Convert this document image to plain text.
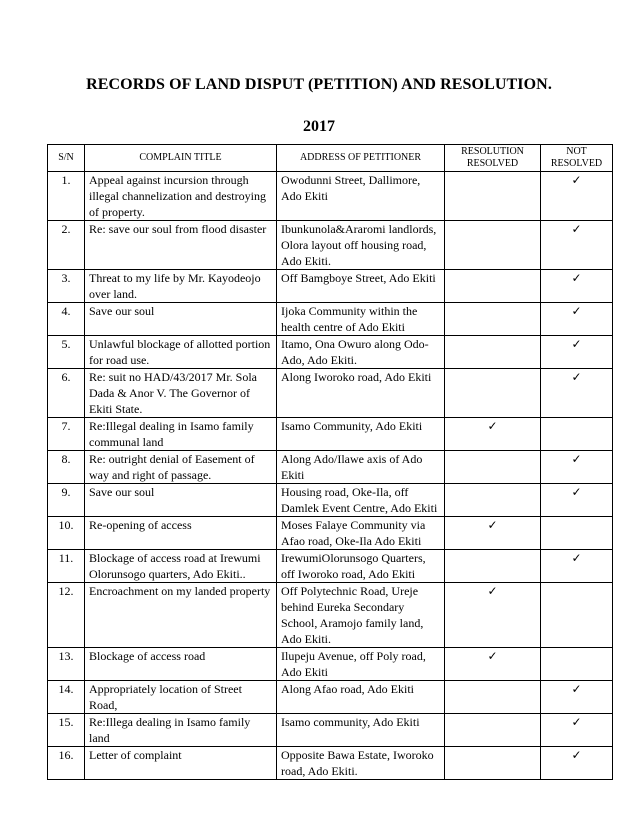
RECORDS OF LAND DISPUT (PETITION) AND RESOLUTION.
2017
S/N	COMPLAIN TITLE	ADDRESS OF PETITIONER	RESOLUTION RESOLVED	NOT RESOLVED
1.	Appeal against incursion through illegal channelization and destroying of property.	Owodunni Street, Dallimore, Ado Ekiti		✓
2.	Re: save our soul from flood disaster	Ibunkunola&Araromi landlords, Olora layout off housing road, Ado Ekiti.		✓
3.	Threat to my life by Mr. Kayodeojo over land.	Off Bamgboye Street, Ado Ekiti		✓
4.	Save our soul	Ijoka Community within the health centre of Ado Ekiti		✓
5.	Unlawful blockage of allotted portion for road use.	Itamo, Ona Owuro along Odo-Ado, Ado Ekiti.		✓
6.	Re: suit no HAD/43/2017 Mr. Sola Dada & Anor V. The Governor of Ekiti State.	Along Iworoko road, Ado Ekiti		✓
7.	Re:Illegal dealing in Isamo family communal land	Isamo Community, Ado Ekiti	✓	
8.	Re: outright denial of Easement of way and right of passage.	Along Ado/Ilawe axis of Ado Ekiti		✓
9.	Save our soul	Housing road, Oke-Ila, off Damlek Event Centre, Ado Ekiti		✓
10.	Re-opening of access	Moses Falaye Community via Afao road, Oke-Ila Ado Ekiti	✓	
11.	Blockage of access road at Irewumi Olorunsogo quarters, Ado Ekiti..	IrewumiOlorunsogo Quarters, off Iworoko road, Ado Ekiti		✓
12.	Encroachment on my landed property	Off Polytechnic Road, Ureje behind Eureka Secondary School, Aramojo family land, Ado Ekiti.	✓	
13.	Blockage of access road	Ilupeju Avenue, off Poly road, Ado Ekiti	✓	
14.	Appropriately location of Street Road,	Along Afao road, Ado Ekiti		✓
15.	Re:Illega dealing in Isamo family land	Isamo community, Ado Ekiti		✓
16.	Letter of complaint	Opposite Bawa Estate, Iworoko road, Ado Ekiti.		✓
